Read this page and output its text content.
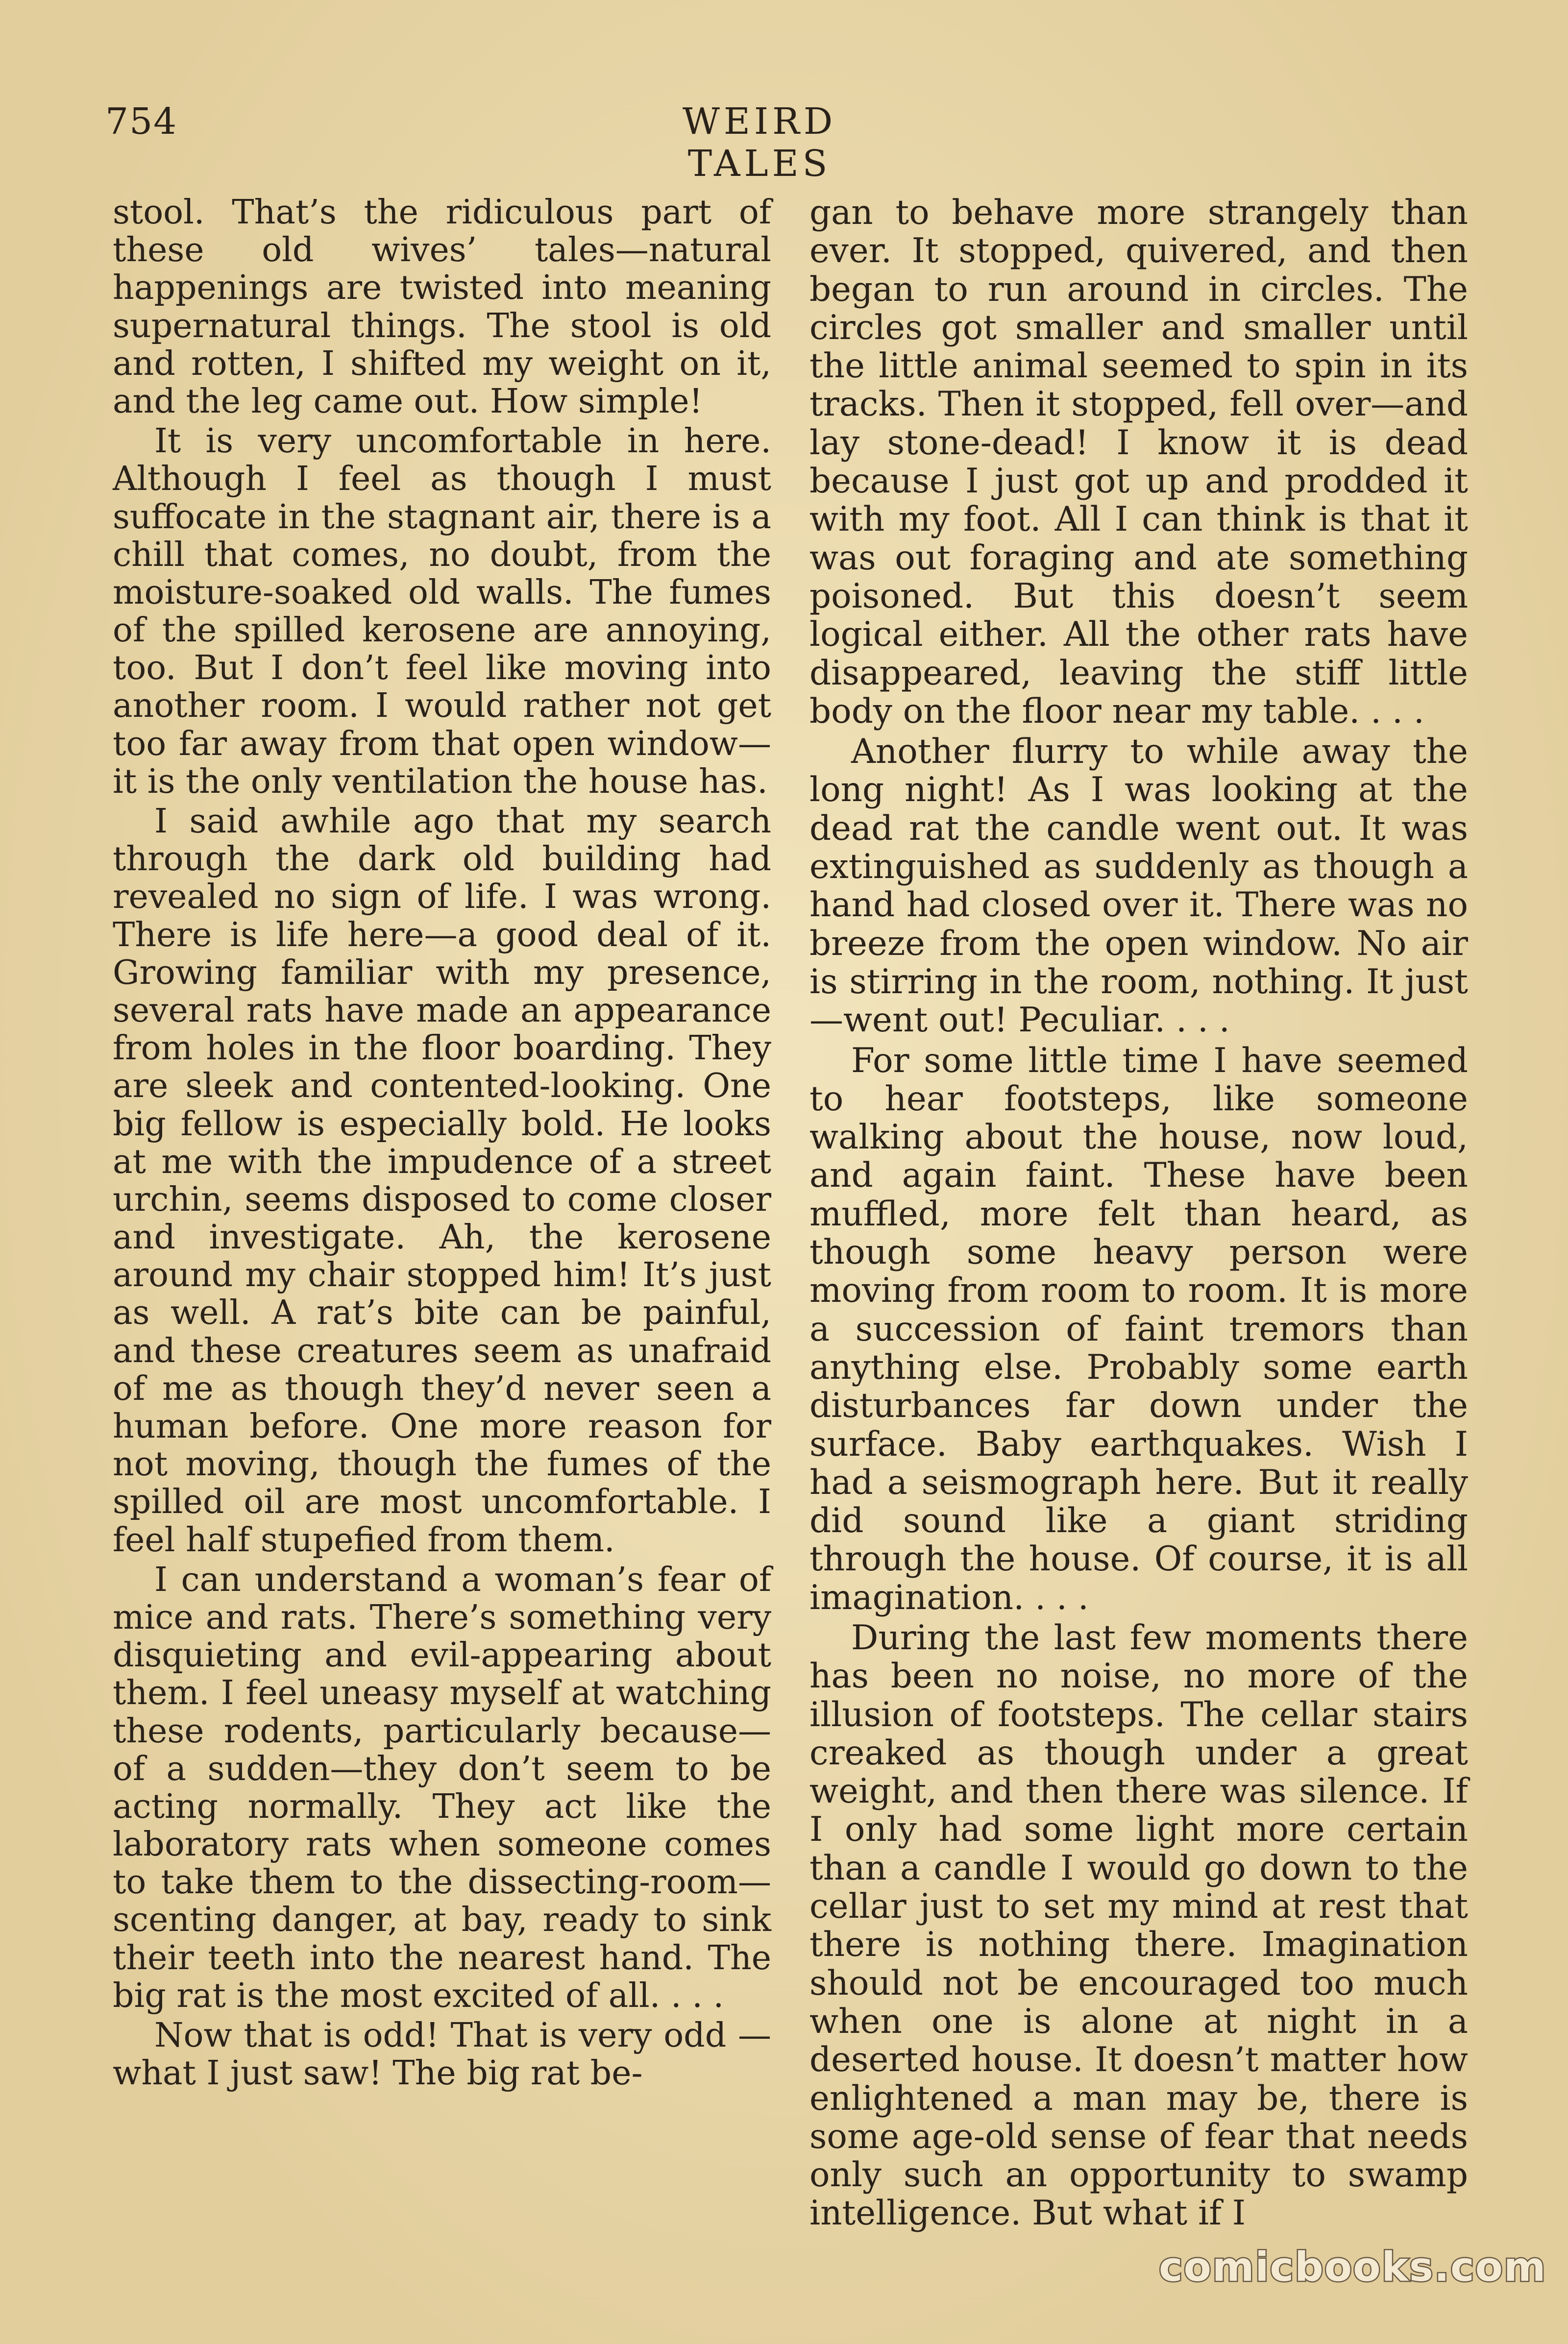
754	WEIRD TALES

stool. That’s the ridiculous part of these old wives’ tales—natural happenings are twisted into meaning supernatural things. The stool is old and rotten, I shifted my weight on it, and the leg came out. How simple!

It is very uncomfortable in here. Although I feel as though I must suffocate in the stagnant air, there is a chill that comes, no doubt, from the moisture-soaked old walls. The fumes of the spilled kerosene are annoying, too. But I don’t feel like moving into another room. I would rather not get too far away from that open window—it is the only ventilation the house has.

I said awhile ago that my search through the dark old building had revealed no sign of life. I was wrong. There is life here—a good deal of it. Growing familiar with my presence, several rats have made an appearance from holes in the floor boarding. They are sleek and contented-looking. One big fellow is especially bold. He looks at me with the impudence of a street urchin, seems disposed to come closer and investigate. Ah, the kerosene around my chair stopped him! It’s just as well. A rat’s bite can be painful, and these creatures seem as unafraid of me as though they’d never seen a human before. One more reason for not moving, though the fumes of the spilled oil are most uncomfortable. I feel half stupefied from them.

I can understand a woman’s fear of mice and rats. There’s something very disquieting and evil-appearing about them. I feel uneasy myself at watching these rodents, particularly because—of a sudden—they don’t seem to be acting normally. They act like the laboratory rats when someone comes to take them to the dissecting-room—scenting danger, at bay, ready to sink their teeth into the nearest hand. The big rat is the most excited of all. . . .

Now that is odd! That is very odd —what I just saw! The big rat be-

gan to behave more strangely than ever. It stopped, quivered, and then began to run around in circles. The circles got smaller and smaller until the little animal seemed to spin in its tracks. Then it stopped, fell over—and lay stone-dead! I know it is dead because I just got up and prodded it with my foot. All I can think is that it was out foraging and ate something poisoned. But this doesn’t seem logical either. All the other rats have disappeared, leaving the stiff little body on the floor near my table. . . .

Another flurry to while away the long night! As I was looking at the dead rat the candle went out. It was extinguished as suddenly as though a hand had closed over it. There was no breeze from the open window. No air is stirring in the room, nothing. It just—went out! Peculiar. . . .

For some little time I have seemed to hear footsteps, like someone walking about the house, now loud, and again faint. These have been muffled, more felt than heard, as though some heavy person were moving from room to room. It is more a succession of faint tremors than anything else. Probably some earth disturbances far down under the surface. Baby earthquakes. Wish I had a seismograph here. But it really did sound like a giant striding through the house. Of course, it is all imagination. . . .

During the last few moments there has been no noise, no more of the illusion of footsteps. The cellar stairs creaked as though under a great weight, and then there was silence. If I only had some light more certain than a candle I would go down to the cellar just to set my mind at rest that there is nothing there. Imagination should not be encouraged too much when one is alone at night in a deserted house. It doesn’t matter how enlightened a man may be, there is some age-old sense of fear that needs only such an opportunity to swamp intelligence. But what if I

comicbooks.com
